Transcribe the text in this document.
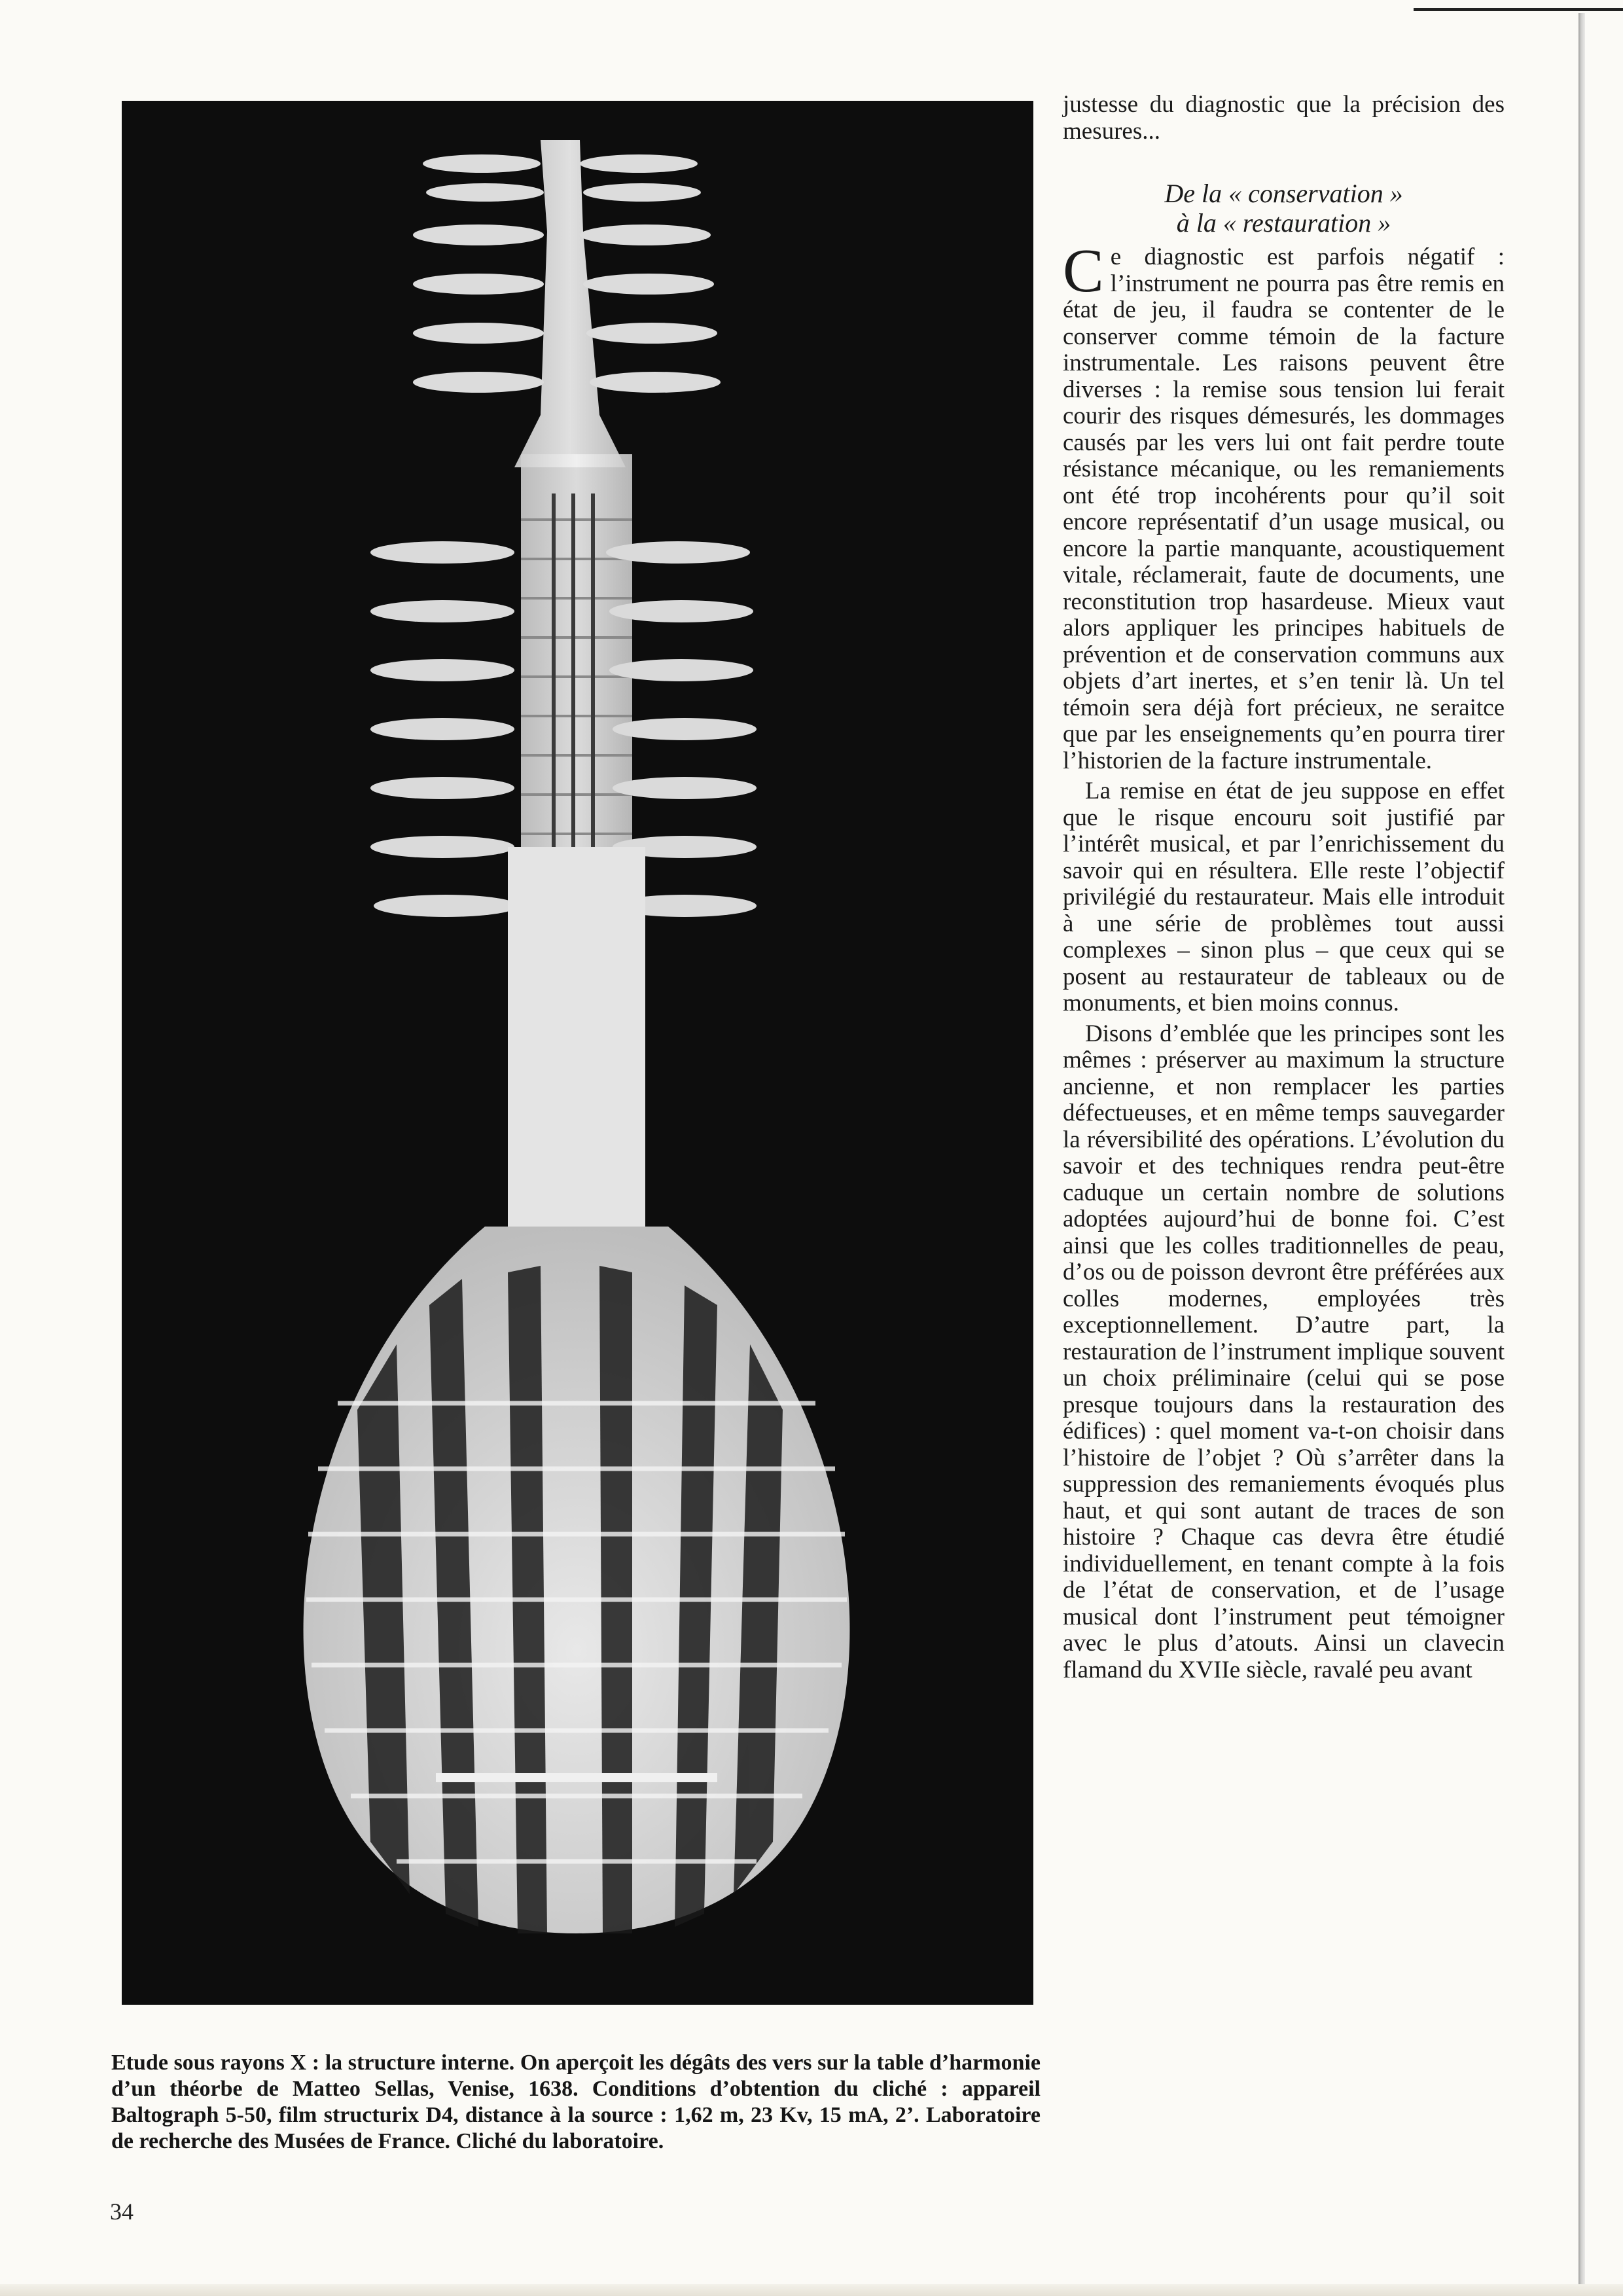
Etude sous rayons X : la structure interne. On aperçoit les dégâts des vers sur la table d’harmonie d’un théorbe de Matteo Sellas, Venise, 1638. Conditions d’obtention du cliché : appareil Baltograph 5-50, film structurix D4, distance à la source : 1,62 m, 23 Kv, 15 mA, 2’. Laboratoire de recherche des Musées de France. Cliché du laboratoire.

34

justesse du diagnostic que la précision des mesures...

De la « conservation »
à la « restauration »

Ce diagnostic est parfois négatif : l’instrument ne pourra pas être remis en état de jeu, il faudra se contenter de le conserver comme témoin de la facture instrumentale. Les raisons peuvent être diverses : la remise sous tension lui ferait courir des risques démesurés, les dommages causés par les vers lui ont fait perdre toute résistance mécanique, ou les remaniements ont été trop incohérents pour qu’il soit encore représentatif d’un usage musical, ou encore la partie manquante, acoustiquement vitale, réclamerait, faute de documents, une reconstitution trop hasardeuse. Mieux vaut alors appliquer les principes habituels de prévention et de conservation communs aux objets d’art inertes, et s’en tenir là. Un tel témoin sera déjà fort précieux, ne seraitce que par les enseignements qu’en pourra tirer l’historien de la facture instrumentale.

La remise en état de jeu suppose en effet que le risque encouru soit justifié par l’intérêt musical, et par l’enrichissement du savoir qui en résultera. Elle reste l’objectif privilégié du restaurateur. Mais elle introduit à une série de problèmes tout aussi complexes – sinon plus – que ceux qui se posent au restaurateur de tableaux ou de monuments, et bien moins connus.

Disons d’emblée que les principes sont les mêmes : préserver au maximum la structure ancienne, et non remplacer les parties défectueuses, et en même temps sauvegarder la réversibilité des opérations. L’évolution du savoir et des techniques rendra peut-être caduque un certain nombre de solutions adoptées aujourd’hui de bonne foi. C’est ainsi que les colles traditionnelles de peau, d’os ou de poisson devront être préférées aux colles modernes, employées très exceptionnellement. D’autre part, la restauration de l’instrument implique souvent un choix préliminaire (celui qui se pose presque toujours dans la restauration des édifices) : quel moment va-t-on choisir dans l’histoire de l’objet ? Où s’arrêter dans la suppression des remaniements évoqués plus haut, et qui sont autant de traces de son histoire ? Chaque cas devra être étudié individuellement, en tenant compte à la fois de l’état de conservation, et de l’usage musical dont l’instrument peut témoigner avec le plus d’atouts. Ainsi un clavecin flamand du XVIIe siècle, ravalé peu avant
